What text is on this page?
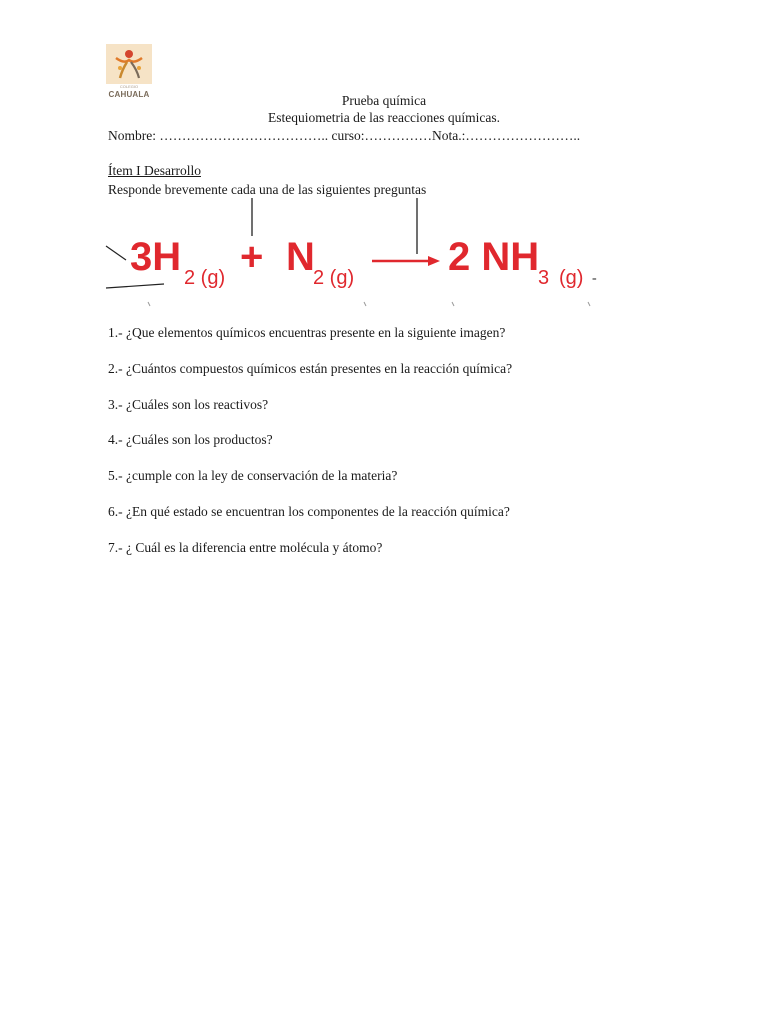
COLEGIO
CAHUALA	Prueba química
Estequiometria de las reacciones químicas.
Nombre: ……………………………….. curso:……………Nota.:……………………..
Ítem I Desarrollo
Responde brevemente cada una de las siguientes preguntas
3H 2 (g) + N
2 (g) 2 NH
3 (g) -
1.- ¿Que elementos químicos encuentras presente en la siguiente imagen?
2.- ¿Cuántos compuestos químicos están presentes en la reacción química?
3.- ¿Cuáles son los reactivos?
4.- ¿Cuáles son los productos?
5.- ¿cumple con la ley de conservación de la materia?
6.- ¿En qué estado se encuentran los componentes de la reacción química?
7.- ¿ Cuál es la diferencia entre molécula y átomo?
